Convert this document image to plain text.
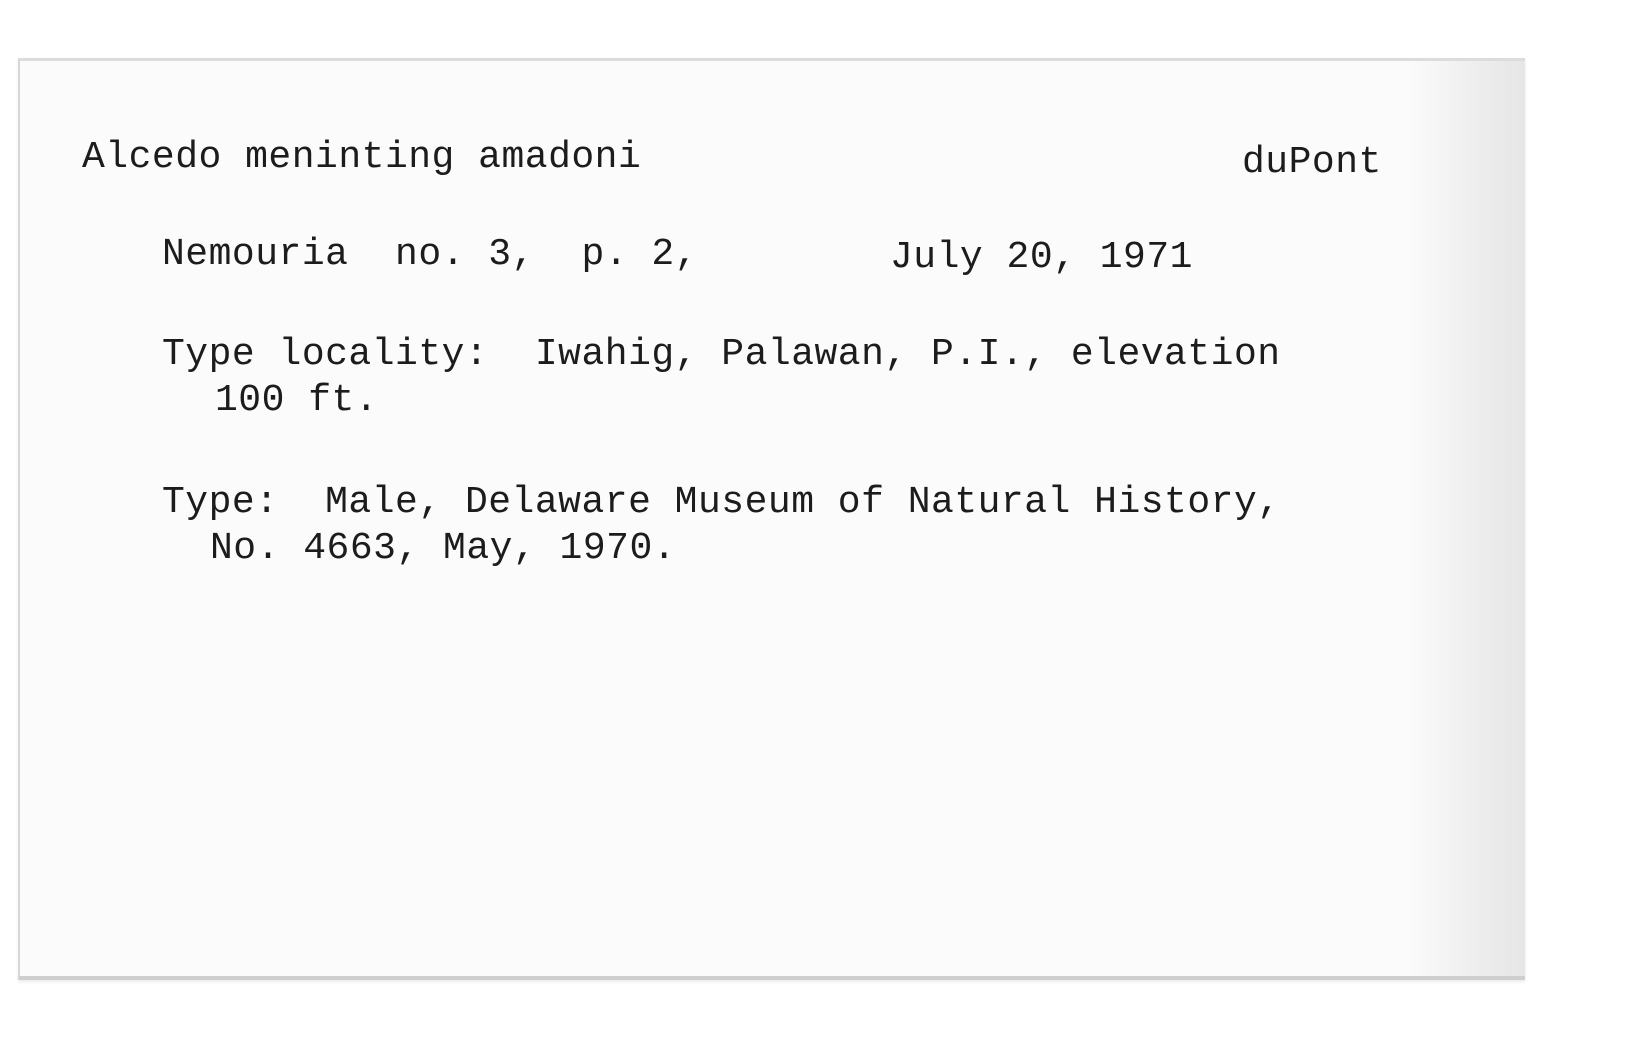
Alcedo meninting amadoni	duPont
Nemouria  no. 3,  p. 2,	July 20, 1971
Type locality:  Iwahig, Palawan, P.I., elevation
100 ft.
Type:  Male, Delaware Museum of Natural History,
No. 4663, May, 1970.
